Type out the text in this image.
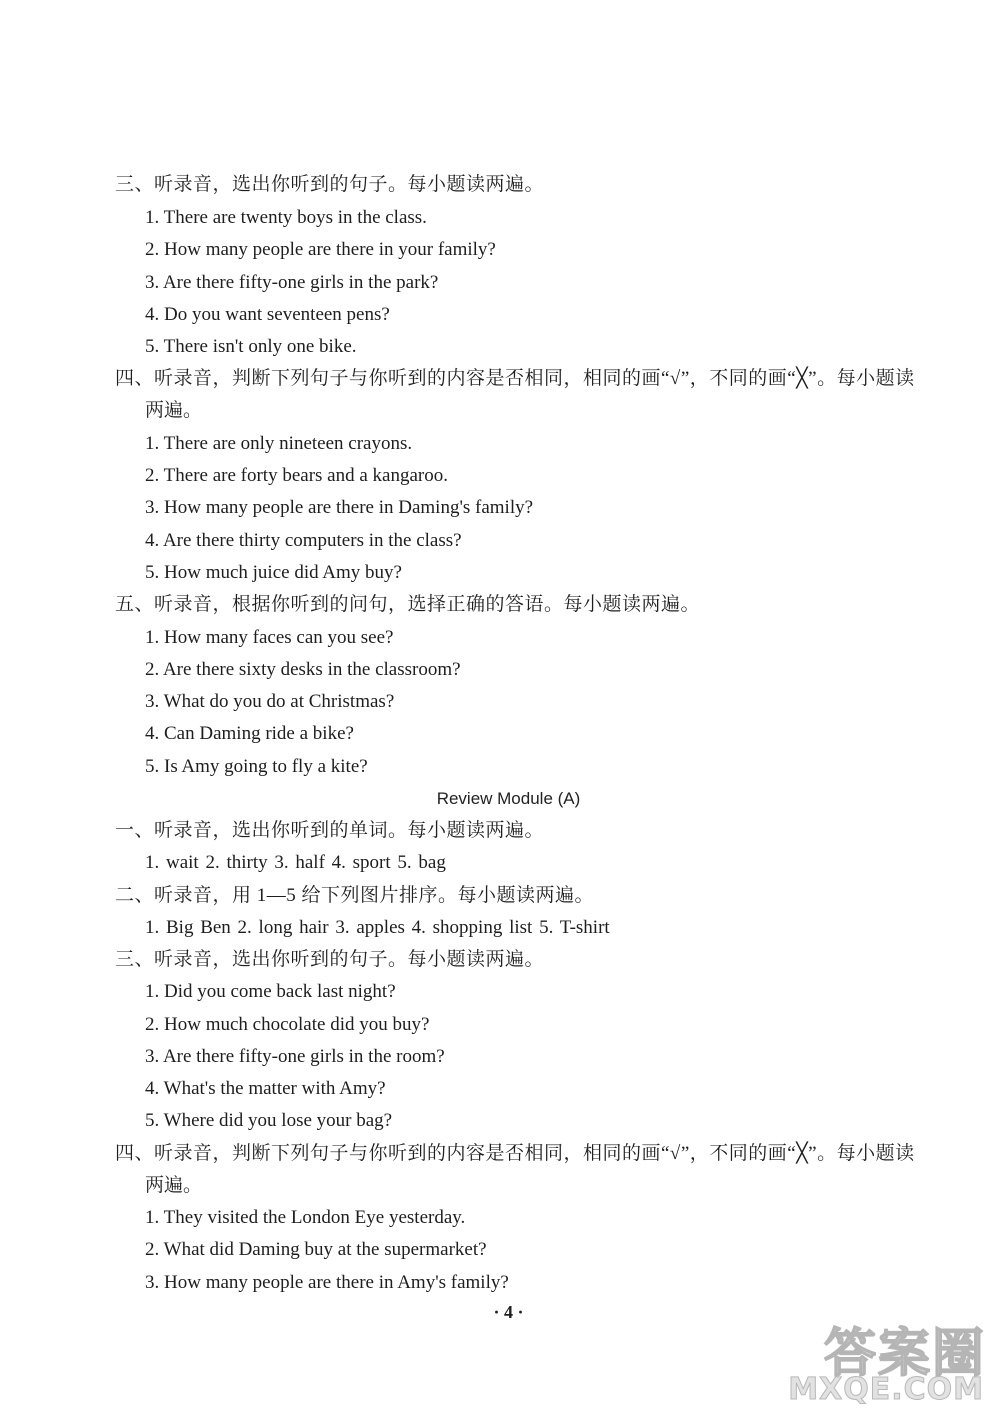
三、听录音，选出你听到的句子。每小题读两遍。
1. There are twenty boys in the class.
2. How many people are there in your family?
3. Are there fifty-one girls in the park?
4. Do you want seventeen pens?
5. There isn't only one bike.
四、听录音，判断下列句子与你听到的内容是否相同，相同的画“√”，不同的画“╳”。每小题读
两遍。
1. There are only nineteen crayons.
2. There are forty bears and a kangaroo.
3. How many people are there in Daming's family?
4. Are there thirty computers in the class?
5. How much juice did Amy buy?
五、听录音，根据你听到的问句，选择正确的答语。每小题读两遍。
1. How many faces can you see?
2. Are there sixty desks in the classroom?
3. What do you do at Christmas?
4. Can Daming ride a bike?
5. Is Amy going to fly a kite?
Review Module (A)
一、听录音，选出你听到的单词。每小题读两遍。
1. wait 2. thirty 3. half 4. sport 5. bag
二、听录音，用 1—5 给下列图片排序。每小题读两遍。
1. Big Ben 2. long hair 3. apples 4. shopping list 5. T-shirt
三、听录音，选出你听到的句子。每小题读两遍。
1. Did you come back last night?
2. How much chocolate did you buy?
3. Are there fifty-one girls in the room?
4. What's the matter with Amy?
5. Where did you lose your bag?
四、听录音，判断下列句子与你听到的内容是否相同，相同的画“√”，不同的画“╳”。每小题读
两遍。
1. They visited the London Eye yesterday.
2. What did Daming buy at the supermarket?
3. How many people are there in Amy's family?
· 4 ·
答案圈
MXQE.COM
